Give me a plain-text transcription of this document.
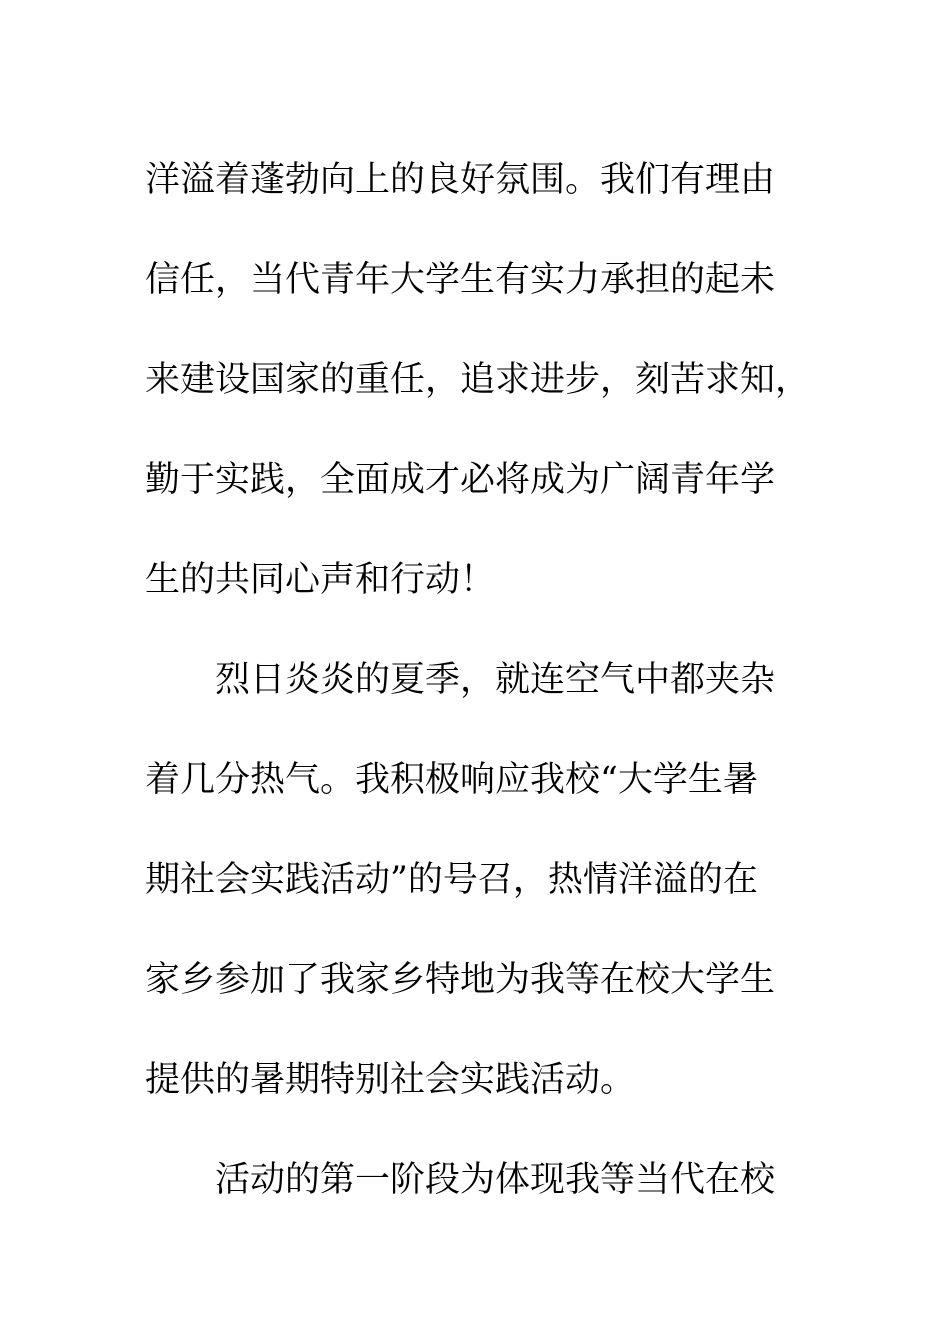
洋溢着蓬勃向上的良好氛围。我们有理由
信任，当代青年大学生有实力承担的起未
来建设国家的重任，追求进步，刻苦求知，
勤于实践，全面成才必将成为广阔青年学
生的共同心声和行动！
烈日炎炎的夏季，就连空气中都夹杂
着几分热气。我积极响应我校“大学生暑
期社会实践活动”的号召，热情洋溢的在
家乡参加了我家乡特地为我等在校大学生
提供的暑期特别社会实践活动。
活动的第一阶段为体现我等当代在校
